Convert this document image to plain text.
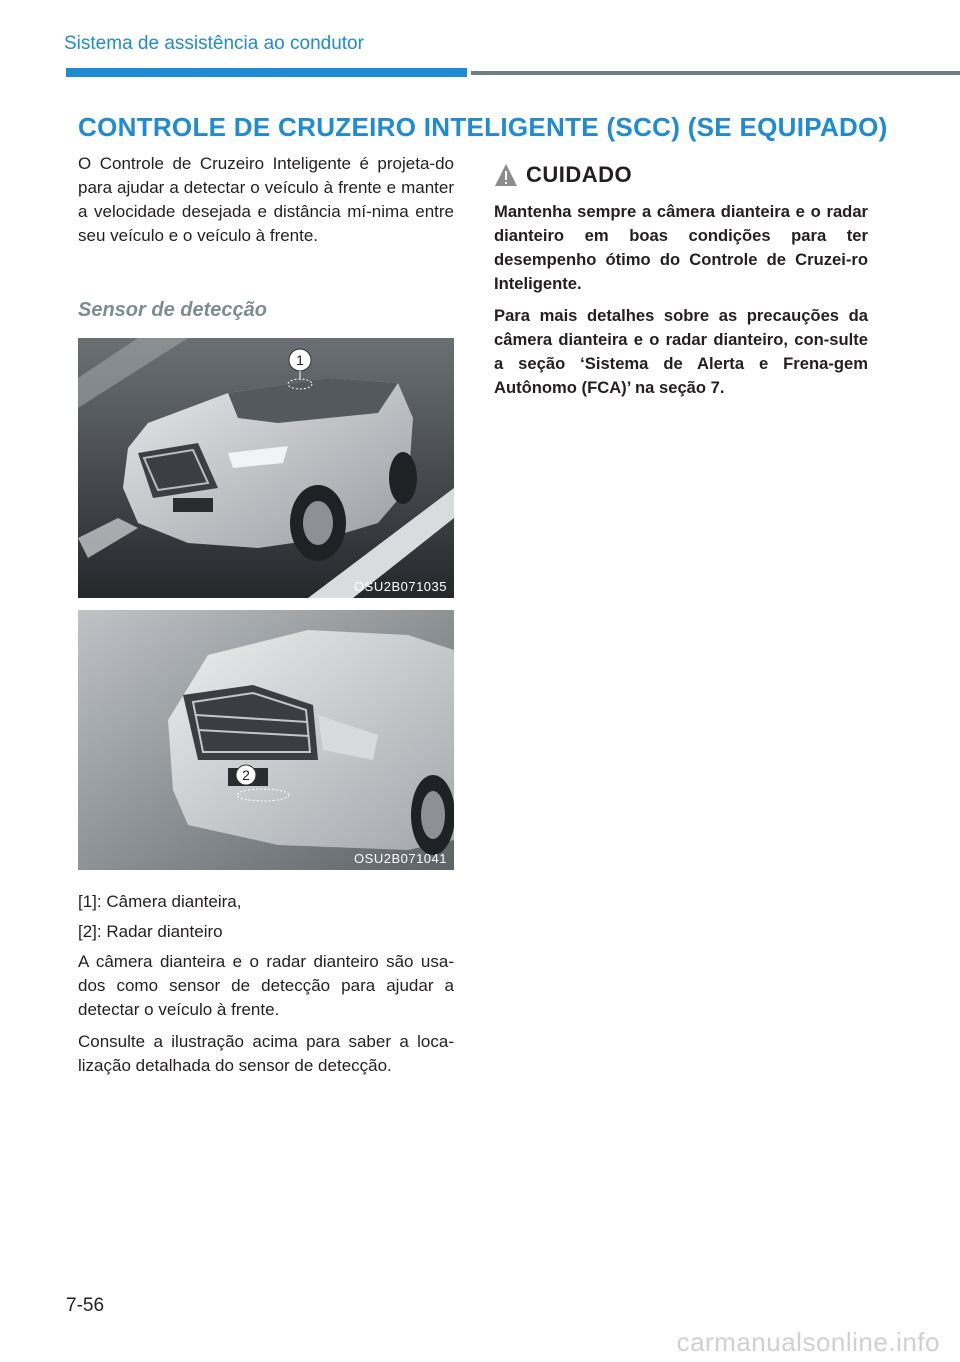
Sistema de assistência ao condutor
CONTROLE DE CRUZEIRO INTELIGENTE (SCC) (SE EQUIPADO)

O Controle de Cruzeiro Inteligente é projeta-do para ajudar a detectar o veículo à frente e manter a velocidade desejada e distância mí-nima entre seu veículo e o veículo à frente.

Sensor de detecção
1
OSU2B071035
2
OSU2B071041

[1]: Câmera dianteira,

[2]: Radar dianteiro

A câmera dianteira e o radar dianteiro são usa-dos como sensor de detecção para ajudar a detectar o veículo à frente.

Consulte a ilustração acima para saber a loca-lização detalhada do sensor de detecção.

CUIDADO

Mantenha sempre a câmera dianteira e o radar dianteiro em boas condições para ter desempenho ótimo do Controle de Cruzei-ro Inteligente.

Para mais detalhes sobre as precauções da câmera dianteira e o radar dianteiro, con-sulte a seção ‘Sistema de Alerta e Frena-gem Autônomo (FCA)’ na seção 7.

7-56
carmanualsonline.info
